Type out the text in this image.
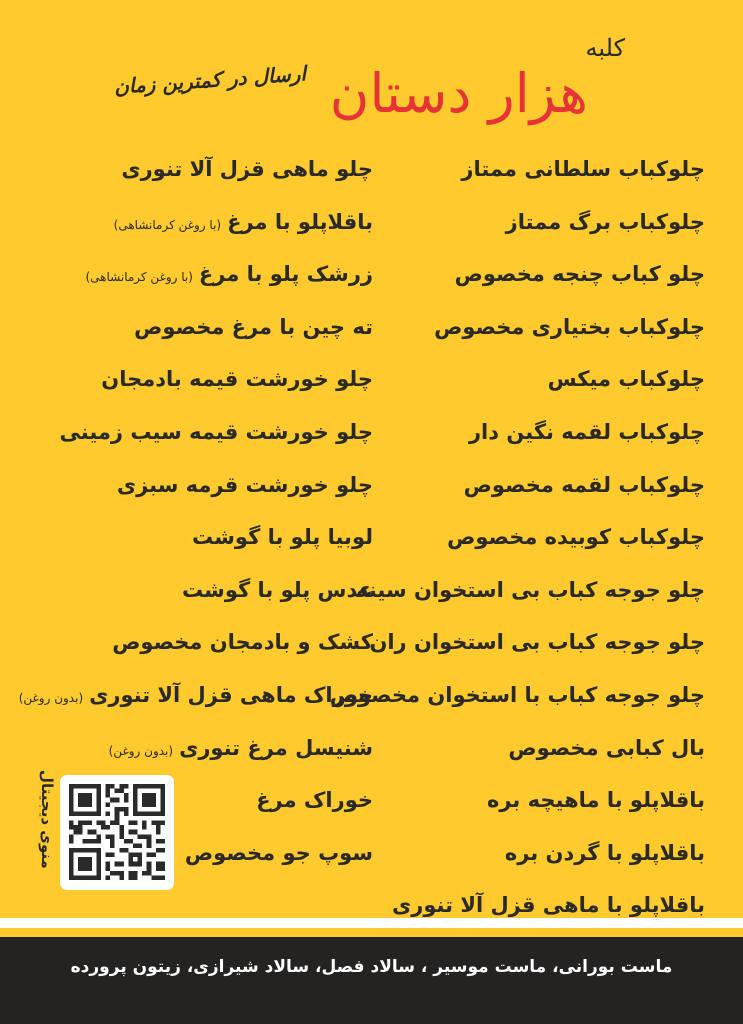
کلبه
هزار دستان
ارسال در کمترین زمان
چلوکباب سلطانی ممتاز
چلوکباب برگ ممتاز
چلو کباب چنجه مخصوص
چلوکباب بختیاری مخصوص
چلوکباب میکس
چلوکباب لقمه نگین دار
چلوکباب لقمه مخصوص
چلوکباب کوبیده مخصوص
چلو جوجه کباب بی استخوان سینه
چلو جوجه کباب بی استخوان ران
چلو جوجه کباب با استخوان مخصوص
بال کبابی مخصوص
باقلاپلو با ماهیچه بره
باقلاپلو با گردن بره
باقلاپلو با ماهی قزل آلا تنوری
چلو ماهی قزل آلا تنوری
باقلاپلو با مرغ(با روغن کرمانشاهی)
زرشک پلو با مرغ(با روغن کرمانشاهی)
ته چین با مرغ مخصوص
چلو خورشت قیمه بادمجان
چلو خورشت قیمه سیب زمینی
چلو خورشت قرمه سبزی
لوبیا پلو با گوشت
عدس پلو با گوشت
کشک و بادمجان مخصوص
خوراک ماهی قزل آلا تنوری(بدون روغن)
شنیسل مرغ تنوری(بدون روغن)
خوراک مرغ
سوپ جو مخصوص
منوی دیجیتال
ماست بورانی، ماست موسیر ، سالاد فصل، سالاد شیرازی، زیتون پرورده
